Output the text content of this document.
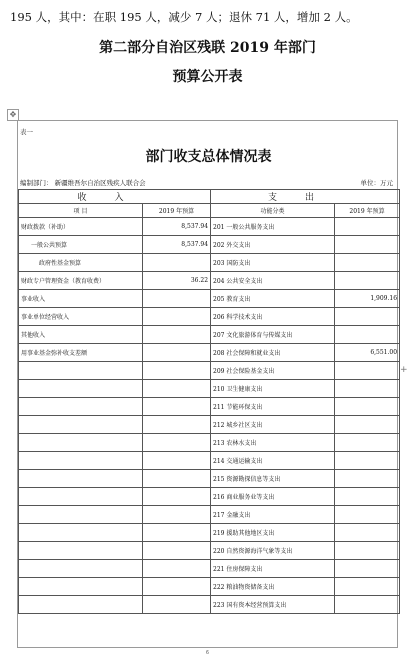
195 人，其中：在职 195 人，减少 7 人；退休 71 人，增加 2 人。
第二部分自治区残联 2019 年部门
预算公开表
✥
+
表一
部门收支总体情况表
编制部门： 新疆维吾尔自治区残疾人联合会	单位：万元
收入		支出	
项 目	2019 年预算	功能分类	2019 年预算
财政拨款（补助）	8,537.94	201 一般公共服务支出	
一般公共预算	8,537.94	202 外交支出	
政府性基金预算		203 国防支出	
财政专户管理资金（教育收费）	36.22	204 公共安全支出	
事业收入		205 教育支出	1,909.16
事业单位经营收入		206 科学技术支出	
其他收入		207 文化旅游体育与传媒支出	
用事业基金弥补收支差额		208 社会保障和就业支出	6,551.00
		209 社会保险基金支出	
		210 卫生健康支出	
		211 节能环保支出	
		212 城乡社区支出	
		213 农林水支出	
		214 交通运输支出	
		215 资源勘探信息等支出	
		216 商业服务业等支出	
		217 金融支出	
		219 援助其他地区支出	
		220 自然资源海洋气象等支出	
		221 住房保障支出	
		222 粮油物资储备支出	
		223 国有资本经营预算支出	
6
